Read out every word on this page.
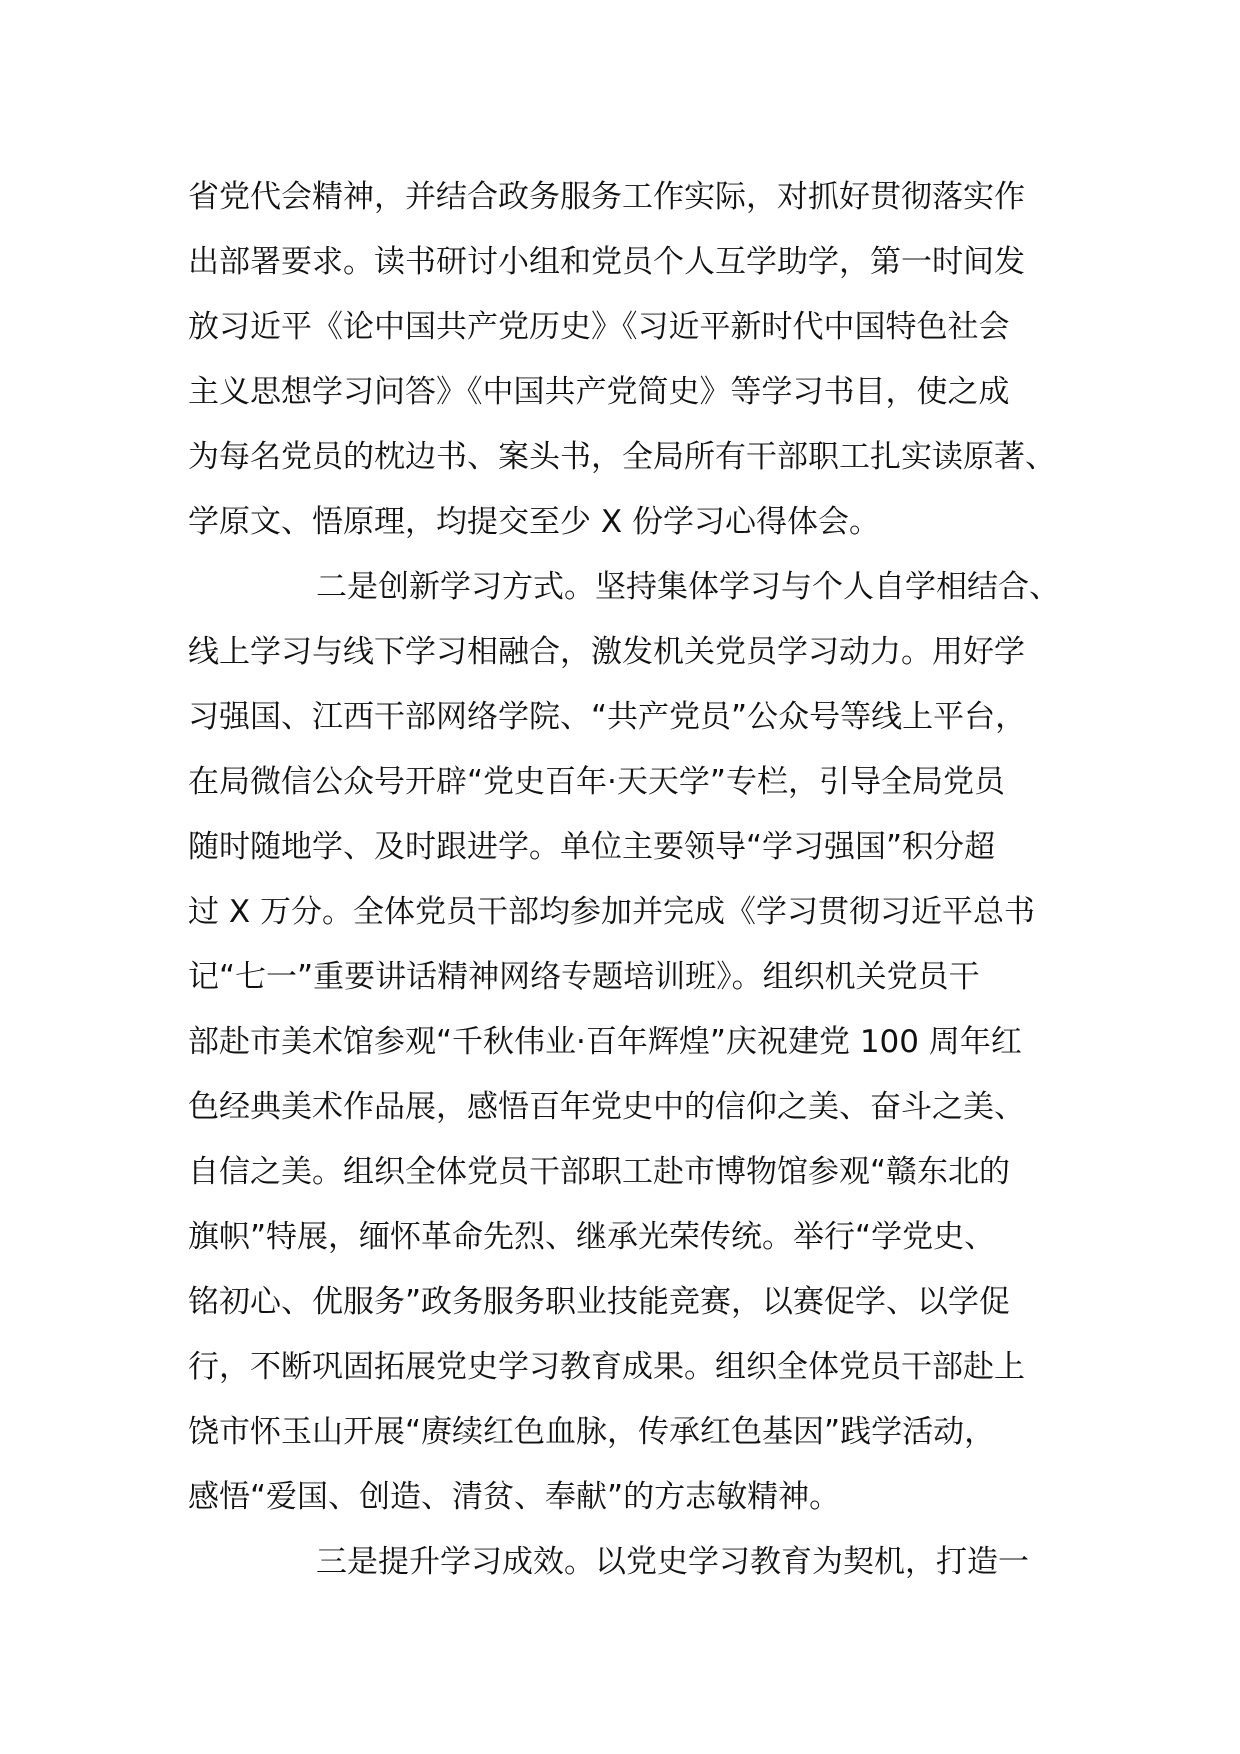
省党代会精神，并结合政务服务工作实际，对抓好贯彻落实作
出部署要求。读书研讨小组和党员个人互学助学，第一时间发
放习近平《论中国共产党历史》《习近平新时代中国特色社会
主义思想学习问答》《中国共产党简史》等学习书目，使之成
为每名党员的枕边书、案头书，全局所有干部职工扎实读原著、
学原文、悟原理，均提交至少 X 份学习心得体会。
二是创新学习方式。坚持集体学习与个人自学相结合、
线上学习与线下学习相融合，激发机关党员学习动力。用好学
习强国、江西干部网络学院、“共产党员”公众号等线上平台，
在局微信公众号开辟“党史百年·天天学”专栏，引导全局党员
随时随地学、及时跟进学。单位主要领导“学习强国”积分超
过 X 万分。全体党员干部均参加并完成《学习贯彻习近平总书
记“七一”重要讲话精神网络专题培训班》。组织机关党员干
部赴市美术馆参观“千秋伟业·百年辉煌”庆祝建党 100 周年红
色经典美术作品展，感悟百年党史中的信仰之美、奋斗之美、
自信之美。组织全体党员干部职工赴市博物馆参观“赣东北的
旗帜”特展，缅怀革命先烈、继承光荣传统。举行“学党史、
铭初心、优服务”政务服务职业技能竞赛，以赛促学、以学促
行，不断巩固拓展党史学习教育成果。组织全体党员干部赴上
饶市怀玉山开展“赓续红色血脉，传承红色基因”践学活动，
感悟“爱国、创造、清贫、奉献”的方志敏精神。
三是提升学习成效。以党史学习教育为契机，打造一
